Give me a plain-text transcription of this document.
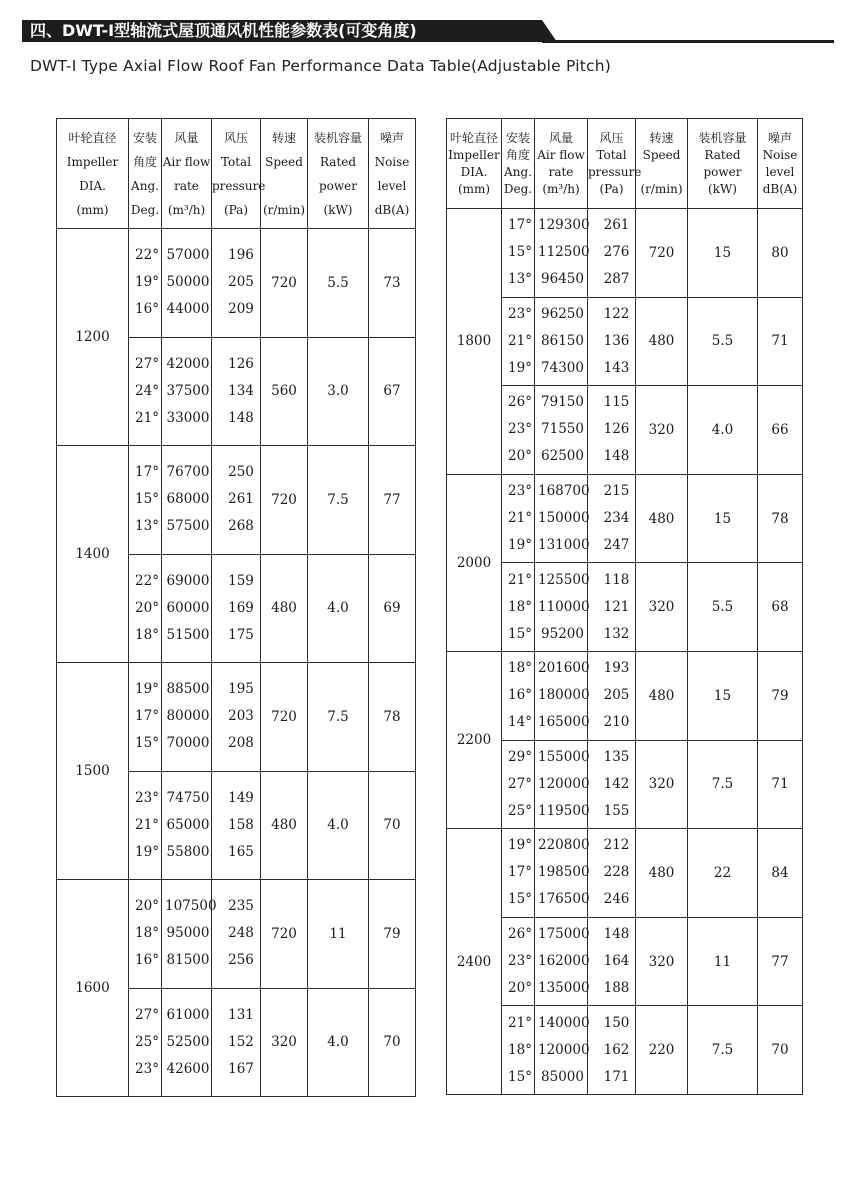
四、DWT-Ⅰ型轴流式屋顶通风机性能参数表(可变角度)
DWT-I Type Axial Flow Roof Fan Performance Data Table(Adjustable Pitch)
叶轮直径
Impeller
DIA.
(mm)	安装
角度
Ang.
Deg.	风量
Air flow
rate
(m³/h)	风压
Total
pressure
(Pa)	转速
Speed

(r/min)	装机容量
Rated
power
(kW)	噪声
Noise
level
dB(A)

1200	22°
19°
16°	57000
50000
44000	196
205
209	720	5.5	73

	27°
24°
21°	42000
37500
33000	126
134
148	560	3.0	67
1400	17°
15°
13°	76700
68000
57500	250
261
268	720	7.5	77

	22°
20°
18°	69000
60000
51500	159
169
175	480	4.0	69
1500	19°
17°
15°	88500
80000
70000	195
203
208	720	7.5	78

	23°
21°
19°	74750
65000
55800	149
158
165	480	4.0	70
1600	20°
18°
16°	107500
95000
81500	235
248
256	720	11	79

	27°
25°
23°	61000
52500
42600	131
152
167	320	4.0	70
叶轮直径
Impeller
DIA.
(mm)	安装
角度
Ang.
Deg.	风量
Air flow
rate
(m³/h)	风压
Total
pressure
(Pa)	转速
Speed

(r/min)	装机容量
Rated
power
(kW)	噪声
Noise
level
dB(A)

1800	17°
15°
13°	129300
112500
96450	261
276
287	720	15	80

	23°
21°
19°	96250
86150
74300	122
136
143	480	5.5	71

	26°
23°
20°	79150
71550
62500	115
126
148	320	4.0	66
2000	23°
21°
19°	168700
150000
131000	215
234
247	480	15	78

	21°
18°
15°	125500
110000
95200	118
121
132	320	5.5	68
2200	18°
16°
14°	201600
180000
165000	193
205
210	480	15	79

	29°
27°
25°	155000
120000
119500	135
142
155	320	7.5	71
2400	19°
17°
15°	220800
198500
176500	212
228
246	480	22	84

	26°
23°
20°	175000
162000
135000	148
164
188	320	11	77

	21°
18°
15°	140000
120000
85000	150
162
171	220	7.5	70
